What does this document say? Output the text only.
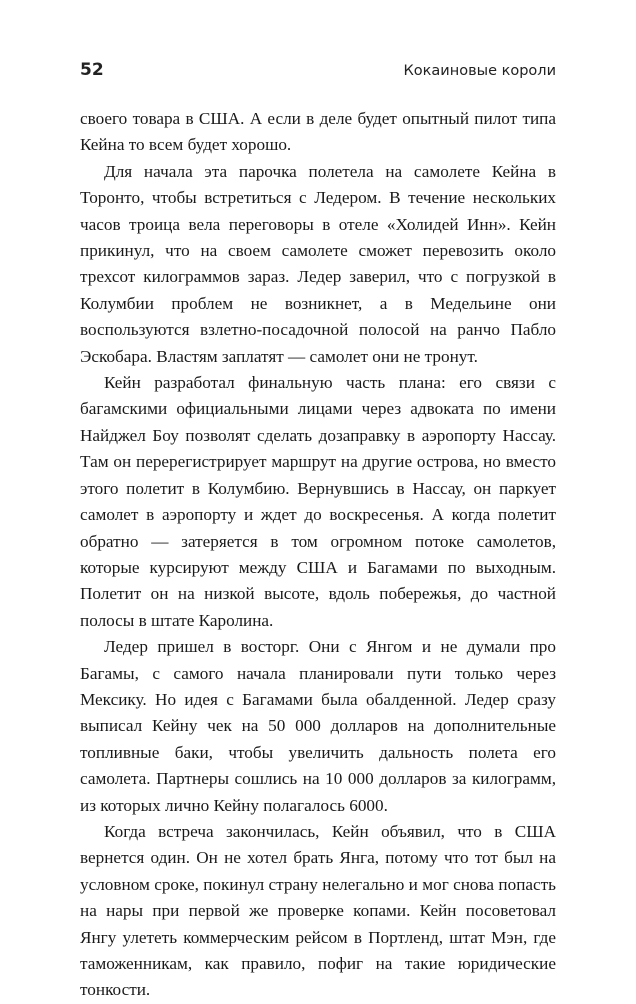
52	Кокаиновые короли

своего товара в США. А если в деле будет опытный пилот типа Кейна то всем будет хорошо.

Для начала эта парочка полетела на самолете Кейна в Торонто, чтобы встретиться с Ледером. В течение нескольких часов троица вела переговоры в отеле «Холидей Инн». Кейн прикинул, что на своем самолете сможет перевозить около трехсот килограммов зараз. Ледер заверил, что с погрузкой в Колумбии проблем не возникнет, а в Медельине они воспользуются взлетно-посадочной полосой на ранчо Пабло Эскобара. Властям заплатят — самолет они не тронут.

Кейн разработал финальную часть плана: его связи с багамскими официальными лицами через адвоката по имени Найджел Боу позволят сделать дозаправку в аэропорту Нассау. Там он перерегистрирует маршрут на другие острова, но вместо этого полетит в Колумбию. Вернувшись в Нассау, он паркует самолет в аэропорту и ждет до воскресенья. А когда полетит обратно — затеряется в том огромном потоке самолетов, которые курсируют между США и Багамами по выходным. Полетит он на низкой высоте, вдоль побережья, до частной полосы в штате Каролина.

Ледер пришел в восторг. Они с Янгом и не думали про Багамы, с самого начала планировали пути только через Мексику. Но идея с Багамами была обалденной. Ледер сразу выписал Кейну чек на 50 000 долларов на дополнительные топливные баки, чтобы увеличить дальность полета его самолета. Партнеры сошлись на 10 000 долларов за килограмм, из которых лично Кейну полагалось 6000.

Когда встреча закончилась, Кейн объявил, что в США вернется один. Он не хотел брать Янга, потому что тот был на условном сроке, покинул страну нелегально и мог снова попасть на нары при первой же проверке копами. Кейн посоветовал Янгу улететь коммерческим рейсом в Портленд, штат Мэн, где таможенникам, как правило, пофиг на такие юридические тонкости.
